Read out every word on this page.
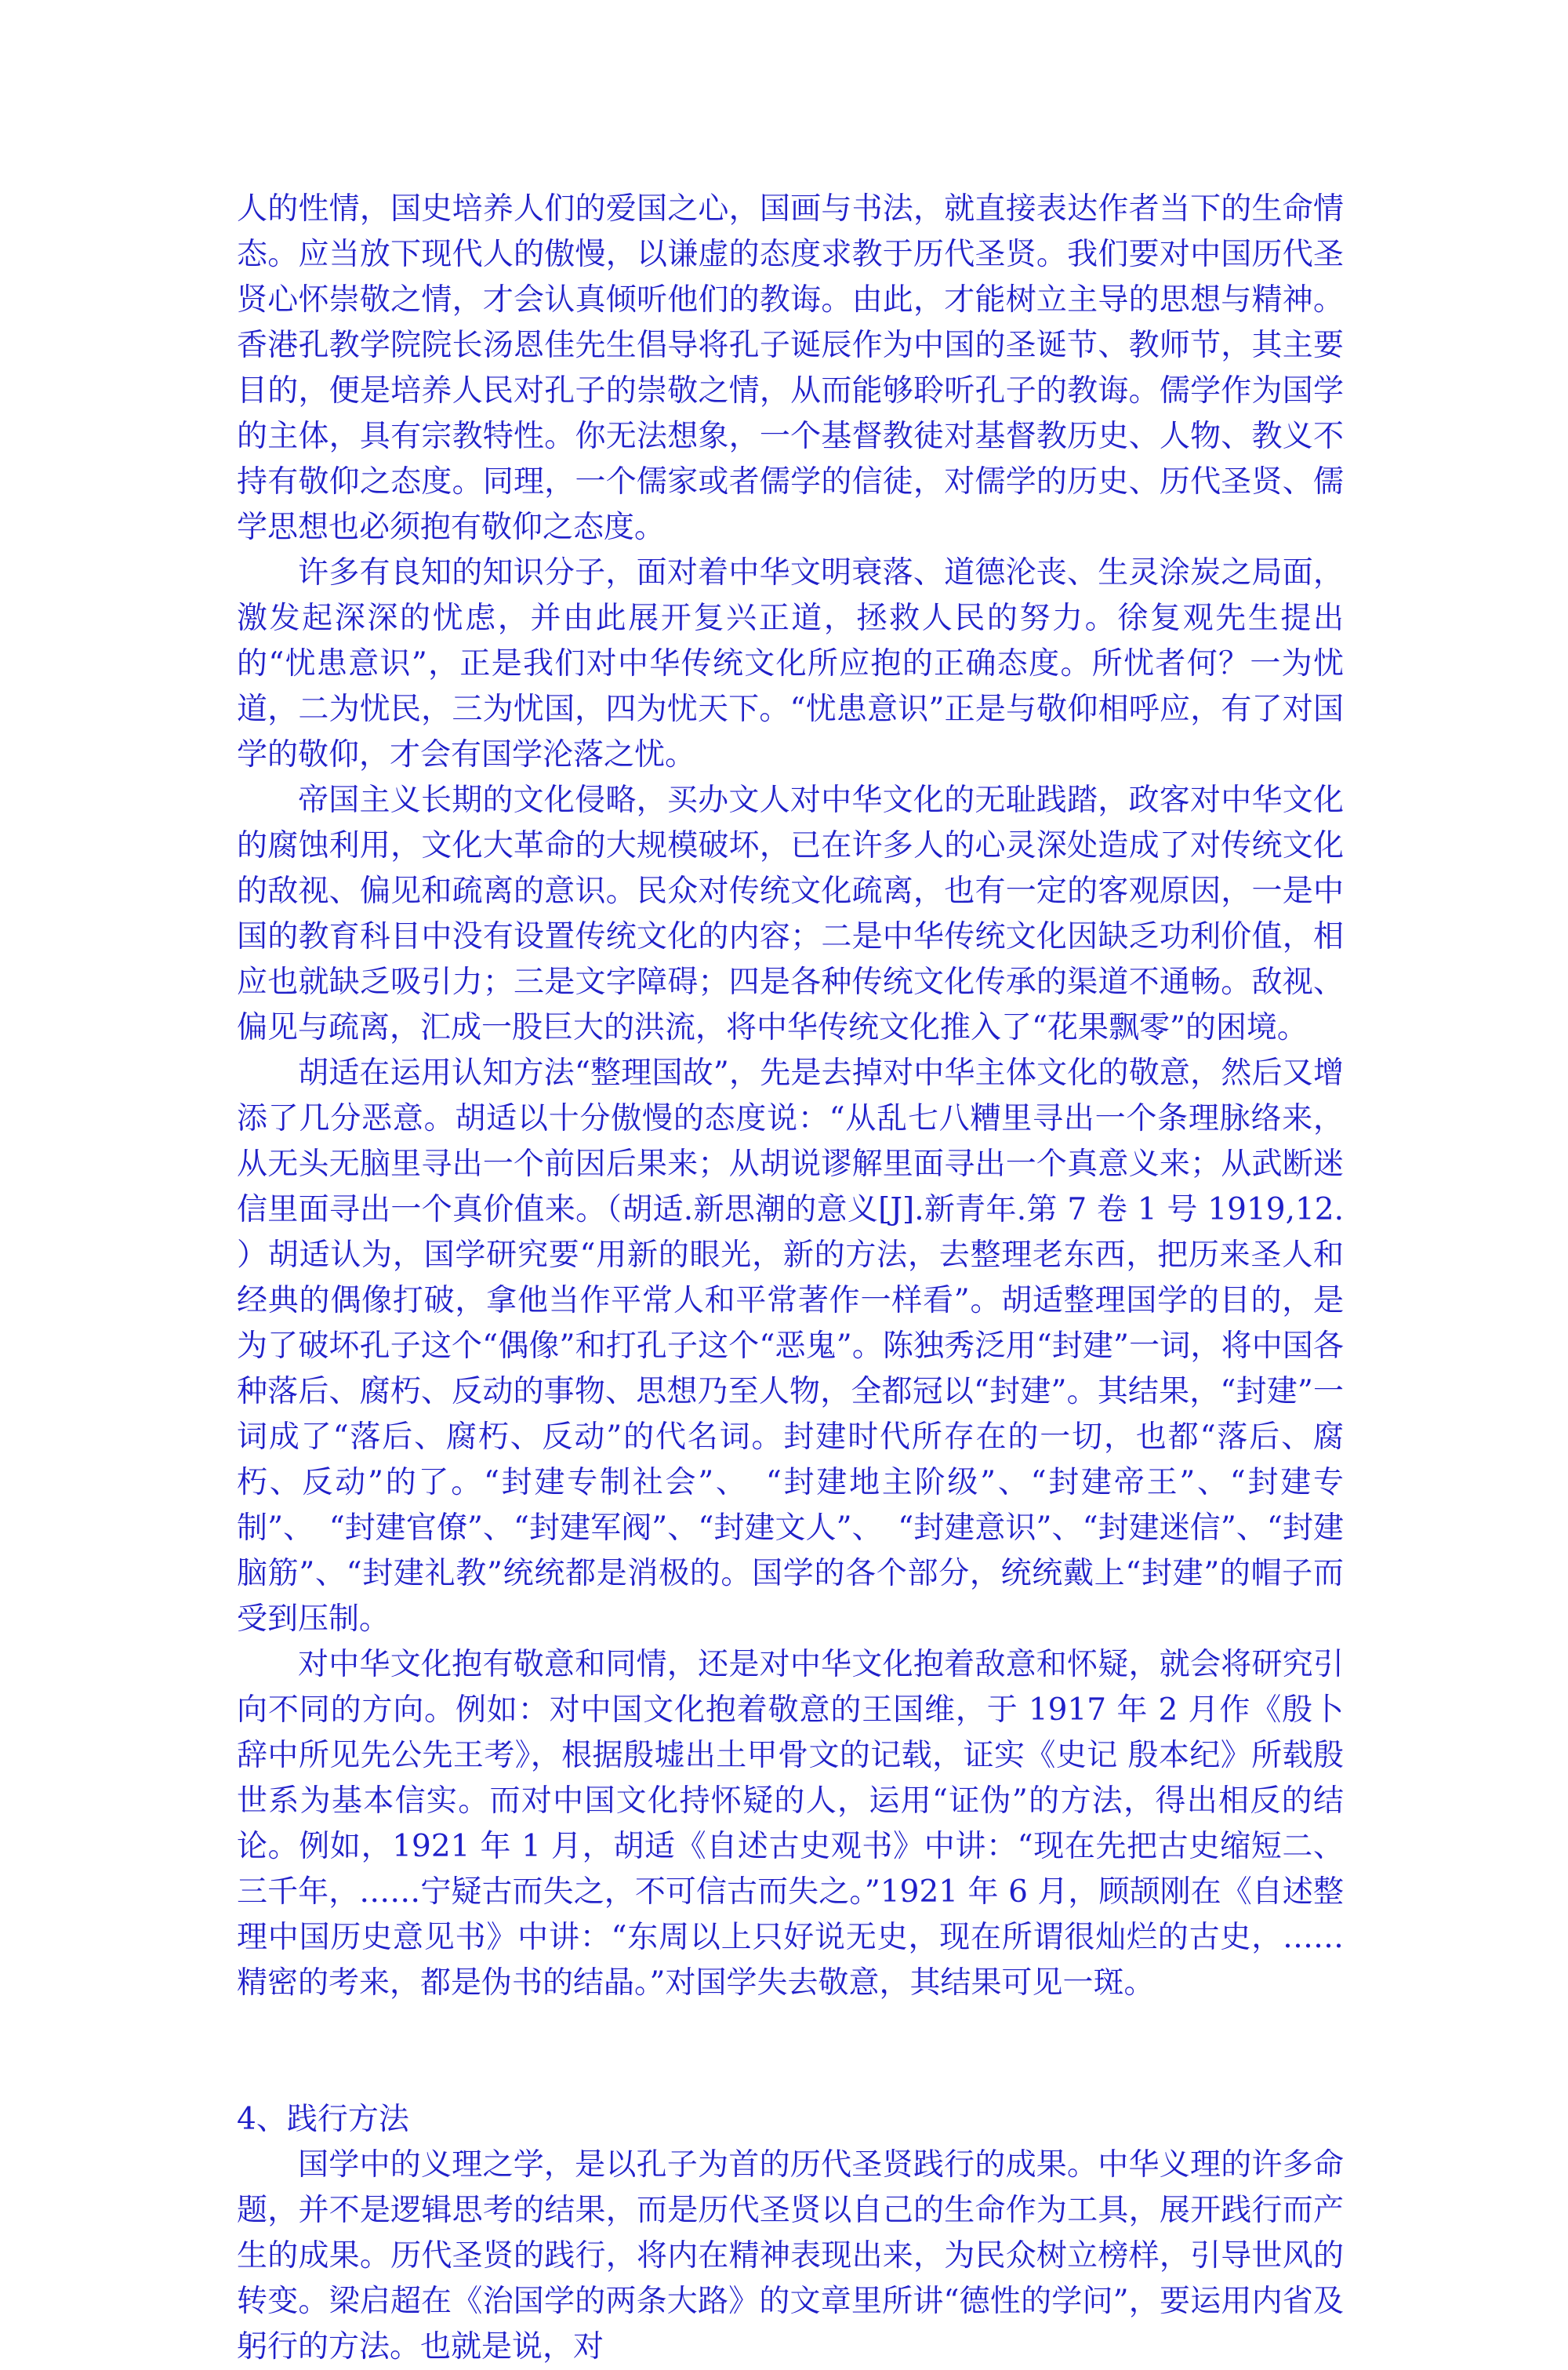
人的性情，国史培养人们的爱国之心，国画与书法，就直接表达作者当下的生命情态。应当放下现代人的傲慢，以谦虚的态度求教于历代圣贤。我们要对中国历代圣贤心怀崇敬之情，才会认真倾听他们的教诲。由此，才能树立主导的思想与精神。香港孔教学院院长汤恩佳先生倡导将孔子诞辰作为中国的圣诞节、教师节，其主要目的，便是培养人民对孔子的崇敬之情，从而能够聆听孔子的教诲。儒学作为国学的主体，具有宗教特性。你无法想象，一个基督教徒对基督教历史、人物、教义不持有敬仰之态度。同理，一个儒家或者儒学的信徒，对儒学的历史、历代圣贤、儒学思想也必须抱有敬仰之态度。

许多有良知的知识分子，面对着中华文明衰落、道德沦丧、生灵涂炭之局面，激发起深深的忧虑，并由此展开复兴正道，拯救人民的努力。徐复观先生提出的“忧患意识”，正是我们对中华传统文化所应抱的正确态度。所忧者何？一为忧道，二为忧民，三为忧国，四为忧天下。“忧患意识”正是与敬仰相呼应，有了对国学的敬仰，才会有国学沦落之忧。

帝国主义长期的文化侵略，买办文人对中华文化的无耻践踏，政客对中华文化的腐蚀利用，文化大革命的大规模破坏，已在许多人的心灵深处造成了对传统文化的敌视、偏见和疏离的意识。民众对传统文化疏离，也有一定的客观原因，一是中国的教育科目中没有设置传统文化的内容；二是中华传统文化因缺乏功利价值，相应也就缺乏吸引力；三是文字障碍；四是各种传统文化传承的渠道不通畅。敌视、偏见与疏离，汇成一股巨大的洪流，将中华传统文化推入了“花果飘零”的困境。

胡适在运用认知方法“整理国故”，先是去掉对中华主体文化的敬意，然后又增添了几分恶意。胡适以十分傲慢的态度说：“从乱七八糟里寻出一个条理脉络来，从无头无脑里寻出一个前因后果来；从胡说谬解里面寻出一个真意义来；从武断迷信里面寻出一个真价值来。（胡适.新思潮的意义[J].新青年.第 7 卷 1 号 1919,12. ）胡适认为，国学研究要“用新的眼光，新的方法，去整理老东西，把历来圣人和经典的偶像打破，拿他当作平常人和平常著作一样看”。胡适整理国学的目的，是为了破坏孔子这个“偶像”和打孔子这个“恶鬼”。陈独秀泛用“封建”一词，将中国各种落后、腐朽、反动的事物、思想乃至人物，全都冠以“封建”。其结果，“封建”一词成了“落后、腐朽、反动”的代名词。封建时代所存在的一切，也都“落后、腐朽、反动”的了。“封建专制社会”、　“封建地主阶级”、“封建帝王”、“封建专制”、　“封建官僚”、“封建军阀”、“封建文人”、　“封建意识”、“封建迷信”、“封建脑筋”、“封建礼教”统统都是消极的。国学的各个部分，统统戴上“封建”的帽子而受到压制。

对中华文化抱有敬意和同情，还是对中华文化抱着敌意和怀疑，就会将研究引向不同的方向。例如：对中国文化抱着敬意的王国维，于 1917 年 2 月作《殷卜辞中所见先公先王考》，根据殷墟出土甲骨文的记载，证实《史记 殷本纪》所载殷世系为基本信实。而对中国文化持怀疑的人，运用“证伪”的方法，得出相反的结论。例如，1921 年 1 月，胡适《自述古史观书》中讲：“现在先把古史缩短二、三千年，……宁疑古而失之，不可信古而失之。”1921 年 6 月，顾颉刚在《自述整理中国历史意见书》中讲：“东周以上只好说无史，现在所谓很灿烂的古史，……精密的考来，都是伪书的结晶。”对国学失去敬意，其结果可见一斑。

4、践行方法

国学中的义理之学，是以孔子为首的历代圣贤践行的成果。中华义理的许多命题，并不是逻辑思考的结果，而是历代圣贤以自己的生命作为工具，展开践行而产生的成果。历代圣贤的践行，将内在精神表现出来，为民众树立榜样，引导世风的转变。梁启超在《治国学的两条大路》的文章里所讲“德性的学问”，要运用内省及躬行的方法。也就是说，对
